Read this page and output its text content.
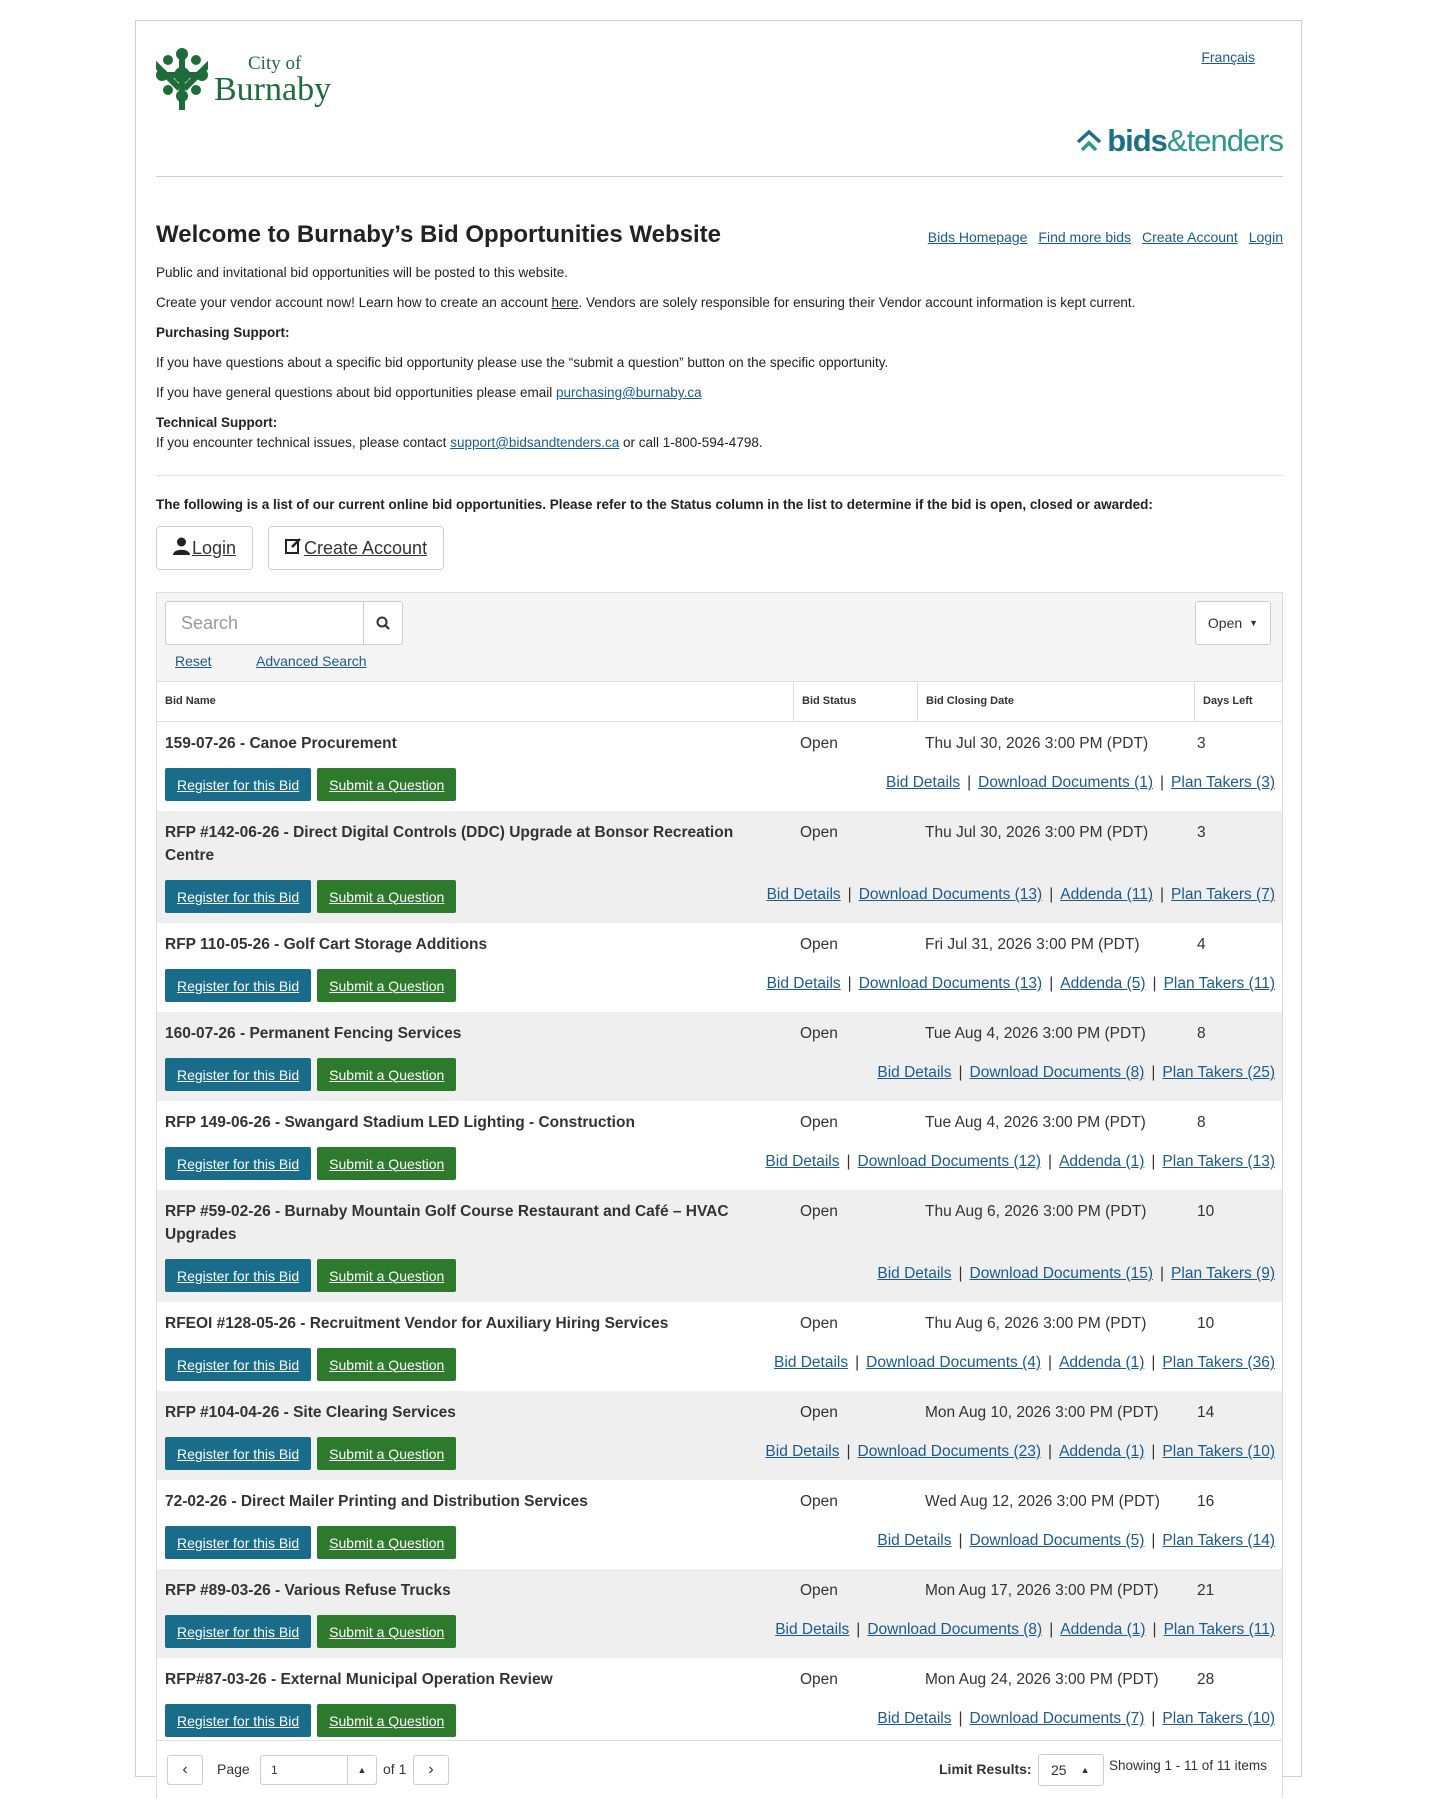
City of
Burnaby
Français
bids &tenders
Welcome to Burnaby’s Bid Opportunities Website	Bids Homepage Find more bids Create Account Login
Public and invitational bid opportunities will be posted to this website.
Create your vendor account now! Learn how to create an account here. Vendors are solely responsible for ensuring their Vendor account information is kept current.
Purchasing Support:
If you have questions about a specific bid opportunity please use the “submit a question” button on the specific opportunity.
If you have general questions about bid opportunities please email purchasing@burnaby.ca
Technical Support:
If you encounter technical issues, please contact support@bidsandtenders.ca or call 1-800-594-4798.
The following is a list of our current online bid opportunities. Please refer to the Status column in the list to determine if the bid is open, closed or awarded:
Login	Create Account
Search
Reset	Advanced Search
Open ▼
Bid Name	Bid Status	Bid Closing Date	Days Left
159-07-26 - Canoe Procurement	Open	Thu Jul 30, 2026 3:00 PM (PDT)	3
Register for this Bid	Submit a Question	Bid Details | Download Documents (1) | Plan Takers (3)
RFP #142-06-26 - Direct Digital Controls (DDC) Upgrade at Bonsor Recreation Centre
Open	Thu Jul 30, 2026 3:00 PM (PDT)	3
Register for this Bid	Submit a Question	Bid Details | Download Documents (13) | Addenda (11) | Plan Takers (7)
RFP 110-05-26 - Golf Cart Storage Additions	Open	Fri Jul 31, 2026 3:00 PM (PDT)	4
Register for this Bid	Submit a Question	Bid Details | Download Documents (13) | Addenda (5) | Plan Takers (11)
160-07-26 - Permanent Fencing Services	Open	Tue Aug 4, 2026 3:00 PM (PDT)	8
Register for this Bid	Submit a Question	Bid Details | Download Documents (8) | Plan Takers (25)
RFP 149-06-26 - Swangard Stadium LED Lighting - Construction	Open	Tue Aug 4, 2026 3:00 PM (PDT)	8
Register for this Bid	Submit a Question	Bid Details | Download Documents (12) | Addenda (1) | Plan Takers (13)
RFP #59-02-26 - Burnaby Mountain Golf Course Restaurant and Café – HVAC Upgrades
Open	Thu Aug 6, 2026 3:00 PM (PDT)	10
Register for this Bid	Submit a Question	Bid Details | Download Documents (15) | Plan Takers (9)
RFEOI #128-05-26 - Recruitment Vendor for Auxiliary Hiring Services	Open	Thu Aug 6, 2026 3:00 PM (PDT)	10
Register for this Bid	Submit a Question	Bid Details | Download Documents (4) | Addenda (1) | Plan Takers (36)
RFP #104-04-26 - Site Clearing Services	Open	Mon Aug 10, 2026 3:00 PM (PDT) 14
Register for this Bid	Submit a Question	Bid Details | Download Documents (23) | Addenda (1) | Plan Takers (10)
72-02-26 - Direct Mailer Printing and Distribution Services	Open	Wed Aug 12, 2026 3:00 PM (PDT) 16
Register for this Bid	Submit a Question	Bid Details | Download Documents (5) | Plan Takers (14)
RFP #89-03-26 - Various Refuse Trucks	Open	Mon Aug 17, 2026 3:00 PM (PDT) 21
Register for this Bid	Submit a Question	Bid Details | Download Documents (8) | Addenda (1) | Plan Takers (11)
RFP#87-03-26 - External Municipal Operation Review	Open	Mon Aug 24, 2026 3:00 PM (PDT) 28
Register for this Bid	Submit a Question	Bid Details | Download Documents (7) | Plan Takers (10)
‹ Page	1	▲	of 1 ›	Limit Results: 25 ▲ Showing 1 - 11 of 11 items
